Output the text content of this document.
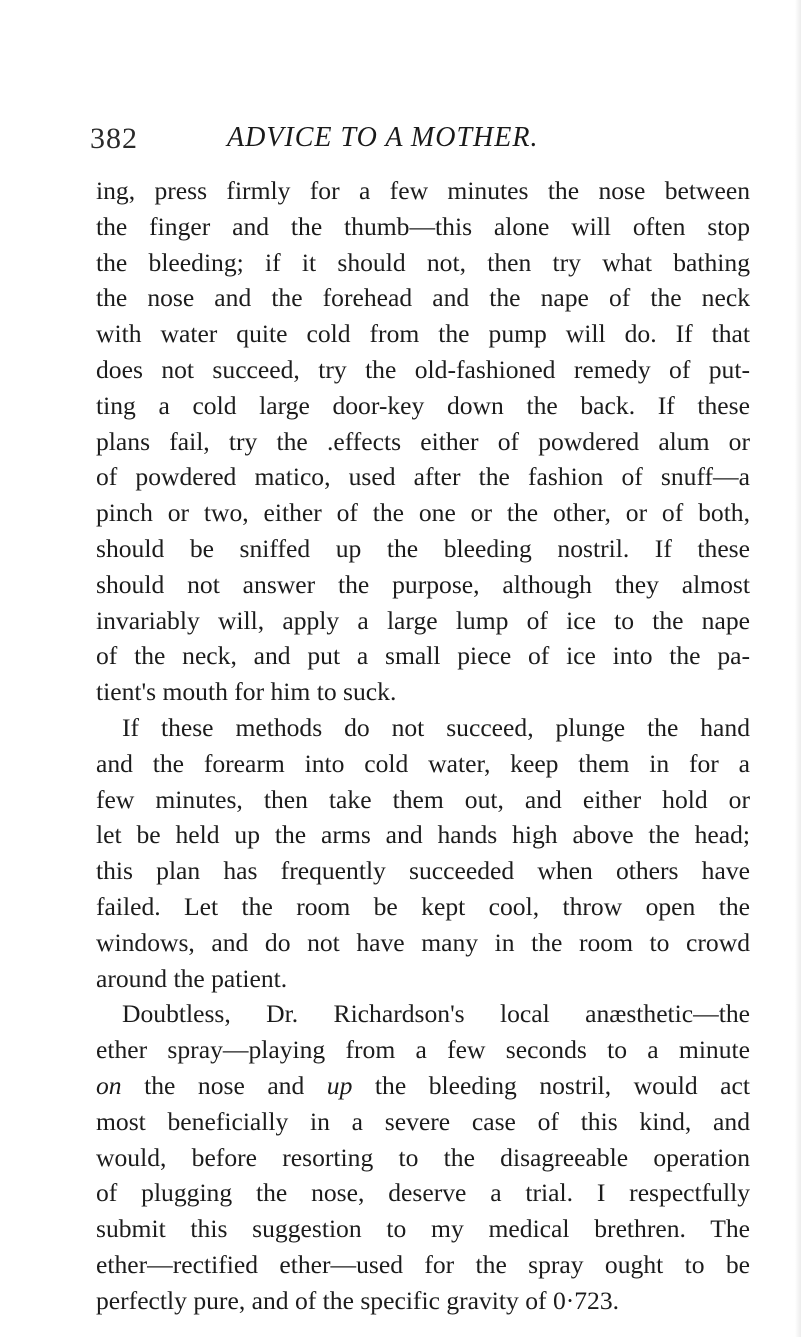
382	ADVICE TO A MOTHER.
ing, press firmly for a few minutes the nose between
the finger and the thumb—this alone will often stop
the bleeding; if it should not, then try what bathing
the nose and the forehead and the nape of the neck
with water quite cold from the pump will do. If that
does not succeed, try the old-fashioned remedy of put-
ting a cold large door-key down the back. If these
plans fail, try the .effects either of powdered alum or
of powdered matico, used after the fashion of snuff—a
pinch or two, either of the one or the other, or of both,
should be sniffed up the bleeding nostril. If these
should not answer the purpose, although they almost
invariably will, apply a large lump of ice to the nape
of the neck, and put a small piece of ice into the pa-
tient's mouth for him to suck.
If these methods do not succeed, plunge the hand
and the forearm into cold water, keep them in for a
few minutes, then take them out, and either hold or
let be held up the arms and hands high above the head;
this plan has frequently succeeded when others have
failed. Let the room be kept cool, throw open the
windows, and do not have many in the room to crowd
around the patient.
Doubtless, Dr. Richardson's local anæsthetic—the
ether spray—playing from a few seconds to a minute
on the nose and up the bleeding nostril, would act
most beneficially in a severe case of this kind, and
would, before resorting to the disagreeable operation
of plugging the nose, deserve a trial. I respectfully
submit this suggestion to my medical brethren. The
ether—rectified ether—used for the spray ought to be
perfectly pure, and of the specific gravity of 0·723.
